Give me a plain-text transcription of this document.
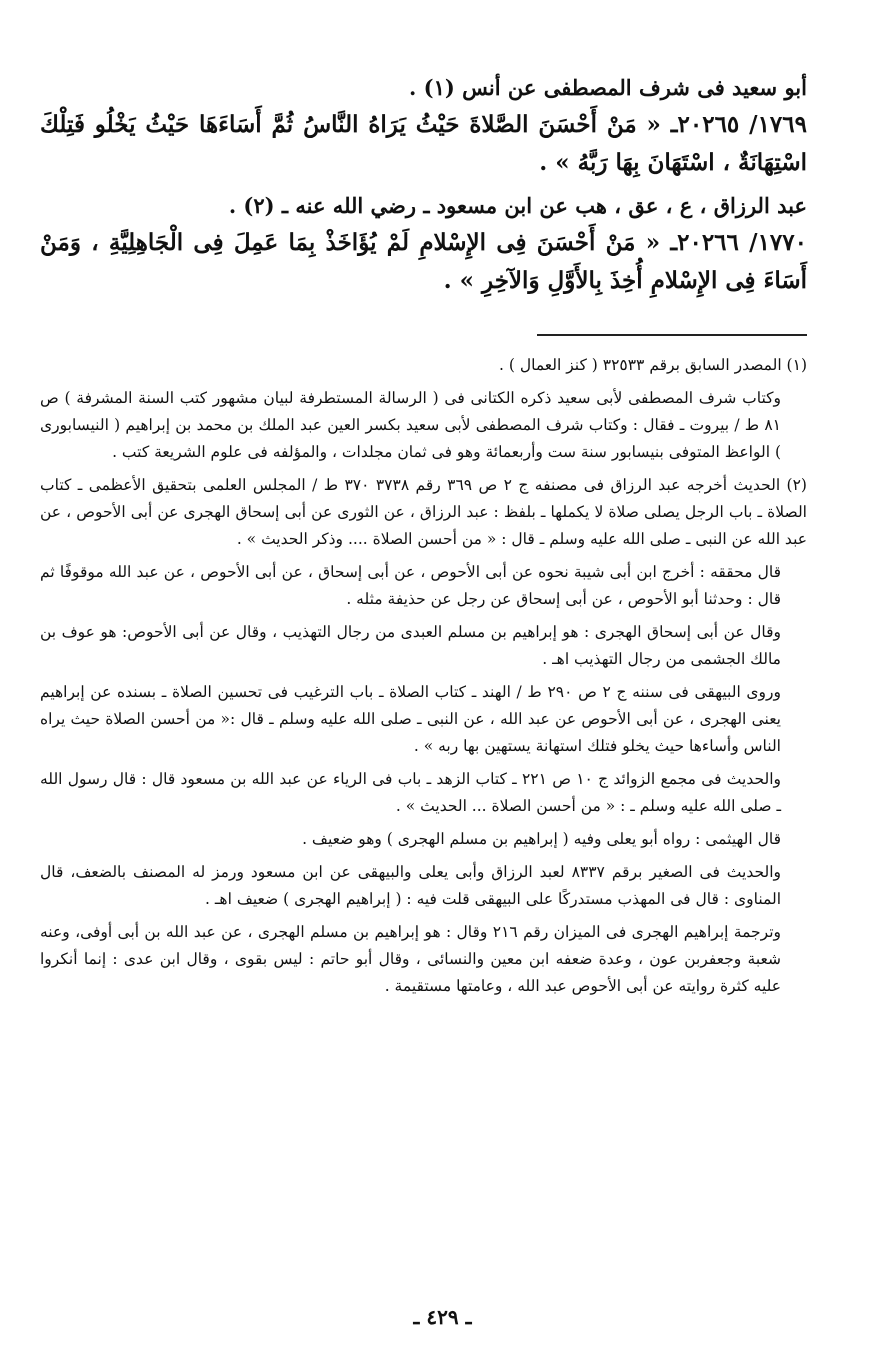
أبو سعيد فى شرف المصطفى عن أنس (١) .

١٧٦٩/ ٢٠٢٦٥ـ « مَنْ أَحْسَنَ الصَّلاةَ حَيْثُ يَرَاهُ النَّاسُ ثُمَّ أَسَاءَهَا حَيْثُ يَخْلُو فَتِلْكَ اسْتِهَانَةٌ ، اسْتَهَانَ بِهَا رَبَّهُ » .

عبد الرزاق ، ع ، عق ، هب عن ابن مسعود ـ رضي الله عنه ـ (٢) .

١٧٧٠/ ٢٠٢٦٦ـ « مَنْ أَحْسَنَ فِى الإِسْلامِ لَمْ يُؤَاخَذْ بِمَا عَمِلَ فِى الْجَاهِلِيَّةِ ، وَمَنْ أَسَاءَ فِى الإِسْلامِ أُخِذَ بِالأَوَّلِ وَالآخِرِ » .

(١) المصدر السابق برقم ٣٢٥٣٣ ( كنز العمال ) .

وكتاب شرف المصطفى لأبى سعيد ذكره الكتانى فى ( الرسالة المستطرفة لبيان مشهور كتب السنة المشرفة ) ص ٨١ ط / بيروت ـ فقال : وكتاب شرف المصطفى لأبى سعيد بكسر العين عبد الملك بن محمد بن إبراهيم ( النيسابورى ) الواعظ المتوفى بنيسابور سنة ست وأربعمائة وهو فى ثمان مجلدات ، والمؤلفه فى علوم الشريعة كتب .

(٢) الحديث أخرجه عبد الرزاق فى مصنفه ج ٢ ص ٣٦٩ رقم ٣٧٣٨ ٣٧٠ ط / المجلس العلمى بتحقيق الأعظمى ـ كتاب الصلاة ـ باب الرجل يصلى صلاة لا يكملها ـ بلفظ : عبد الرزاق ، عن الثورى عن أبى إسحاق الهجرى عن أبى الأحوص ، عن عبد الله عن النبى ـ صلى الله عليه وسلم ـ قال : « من أحسن الصلاة .... وذكر الحديث » .

قال محققه : أخرج ابن أبى شيبة نحوه عن أبى الأحوص ، عن أبى إسحاق ، عن أبى الأحوص ، عن عبد الله موقوفًا ثم قال : وحدثنا أبو الأحوص ، عن أبى إسحاق عن رجل عن حذيفة مثله .

وقال عن أبى إسحاق الهجرى : هو إبراهيم بن مسلم العبدى من رجال التهذيب ، وقال عن أبى الأحوص: هو عوف بن مالك الجشمى من رجال التهذيب اهـ .

وروى البيهقى فى سننه ج ٢ ص ٢٩٠ ط / الهند ـ كتاب الصلاة ـ باب الترغيب فى تحسين الصلاة ـ بسنده عن إبراهيم يعنى الهجرى ، عن أبى الأحوص عن عبد الله ، عن النبى ـ صلى الله عليه وسلم ـ قال :« من أحسن الصلاة حيث يراه الناس وأساءها حيث يخلو فتلك استهانة يستهين بها ربه » .

والحديث فى مجمع الزوائد ج ١٠ ص ٢٢١ ـ كتاب الزهد ـ باب فى الرياء عن عبد الله بن مسعود قال : قال رسول الله ـ صلى الله عليه وسلم ـ : « من أحسن الصلاة ... الحديث » .

قال الهيثمى : رواه أبو يعلى وفيه ( إبراهيم بن مسلم الهجرى ) وهو ضعيف .

والحديث فى الصغير برقم ٨٣٣٧ لعبد الرزاق وأبى يعلى والبيهقى عن ابن مسعود ورمز له المصنف بالضعف، قال المناوى : قال فى المهذب مستدركًا على البيهقى قلت فيه : ( إبراهيم الهجرى ) ضعيف اهـ .

وترجمة إبراهيم الهجرى فى الميزان رقم ٢١٦ وقال : هو إبراهيم بن مسلم الهجرى ، عن عبد الله بن أبى أوفى، وعنه شعبة وجعفربن عون ، وعدة ضعفه ابن معين والنسائى ، وقال أبو حاتم : ليس بقوى ، وقال ابن عدى : إنما أنكروا عليه كثرة روايته عن أبى الأحوص عبد الله ، وعامتها مستقيمة .

ـ ٤٢٩ ـ
